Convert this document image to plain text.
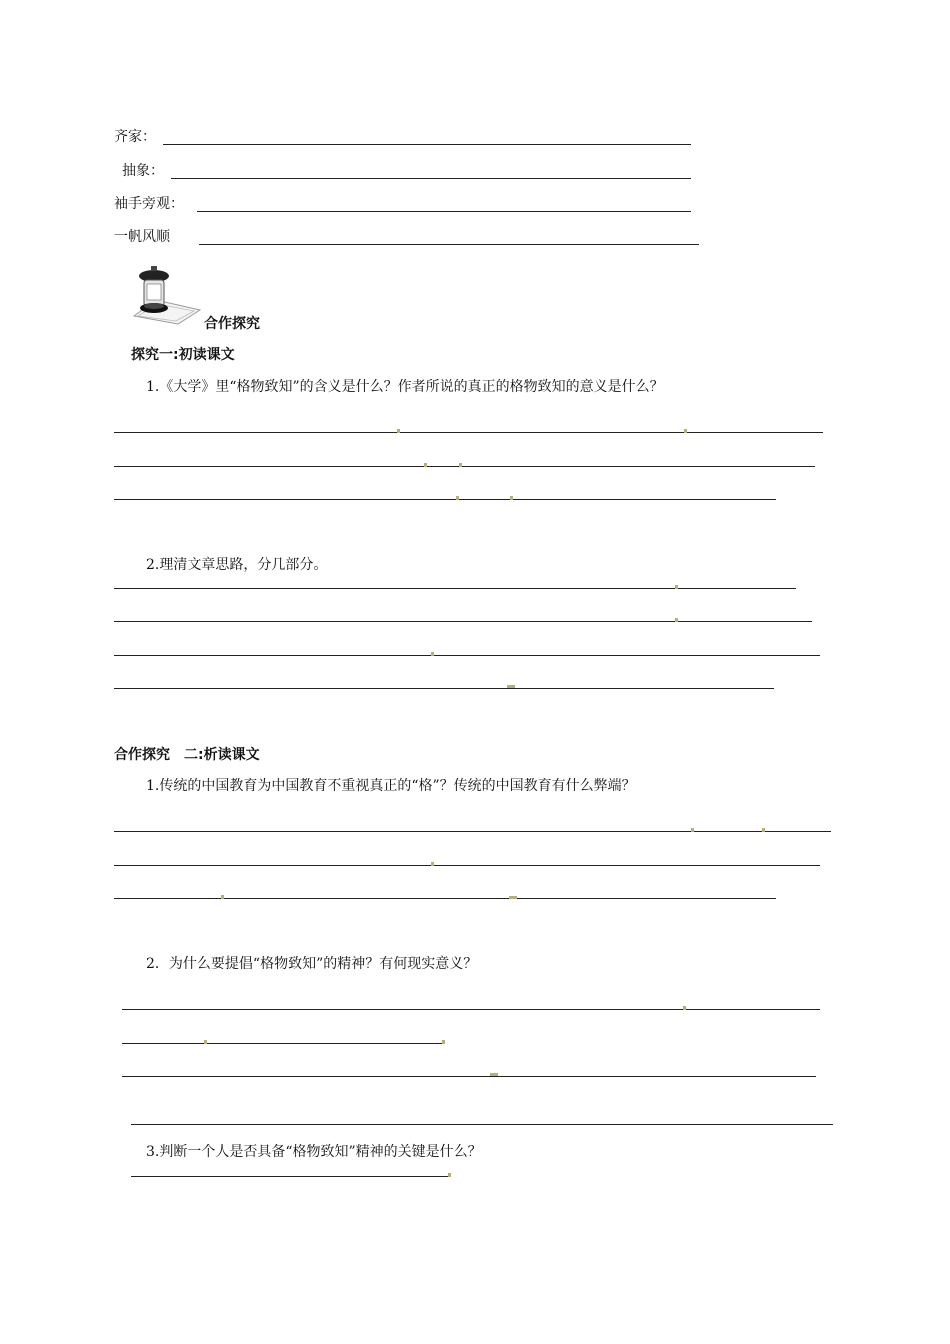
齐家：
抽象：
袖手旁观：
一帆风顺
合作探究
探究一:初读课文
1.《大学》里“格物致知”的含义是什么？作者所说的真正的格物致知的意义是什么？
2.理清文章思路，分几部分。
合作探究　二:析读课文
1.传统的中国教育为中国教育不重视真正的“格”？传统的中国教育有什么弊端？
2．为什么要提倡“格物致知”的精神？有何现实意义？
3.判断一个人是否具备“格物致知”精神的关键是什么？
